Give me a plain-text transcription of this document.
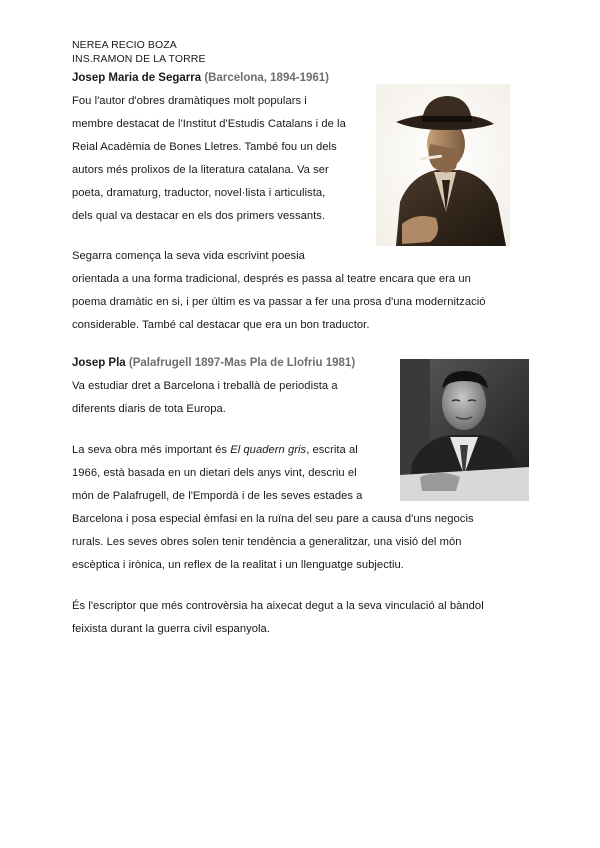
NEREA RECIO BOZA
INS.RAMON DE LA TORRE
Josep Maria de Segarra (Barcelona, 1894-1961)
Fou l'autor d'obres dramàtiques molt populars i
membre destacat de l'Institut d'Estudis Catalans i de la
Reial Acadèmia de Bones Lletres. També fou un dels
autors més prolixos de la literatura catalana. Va ser
poeta, dramaturg, traductor, novel·lista i articulista,
dels qual va destacar en els dos primers vessants.
Segarra comença la seva vida escrivint poesia
orientada a una forma tradicional, després es passa al teatre encara que era un
poema dramàtic en si, i per últim es va passar a fer una prosa d'una modernització
considerable. També cal destacar que era un bon traductor.
Josep Pla (Palafrugell 1897-Mas Pla de Llofriu 1981)
Va estudiar dret a Barcelona i treballà de periodista a
diferents diaris de tota Europa.
La seva obra més important és El quadern gris, escrita al
1966, està basada en un dietari dels anys vint, descriu el
món de Palafrugell, de l'Empordà i de les seves estades a
Barcelona i posa especial èmfasi en la ruïna del seu pare a causa d'uns negocis
rurals. Les seves obres solen tenir tendència a generalitzar, una visió del món
escèptica i irònica, un reflex de la realitat i un llenguatge subjectiu.
És l'escriptor que més controvèrsia ha aixecat degut a la seva vinculació al bàndol
feixista durant la guerra civil espanyola.
